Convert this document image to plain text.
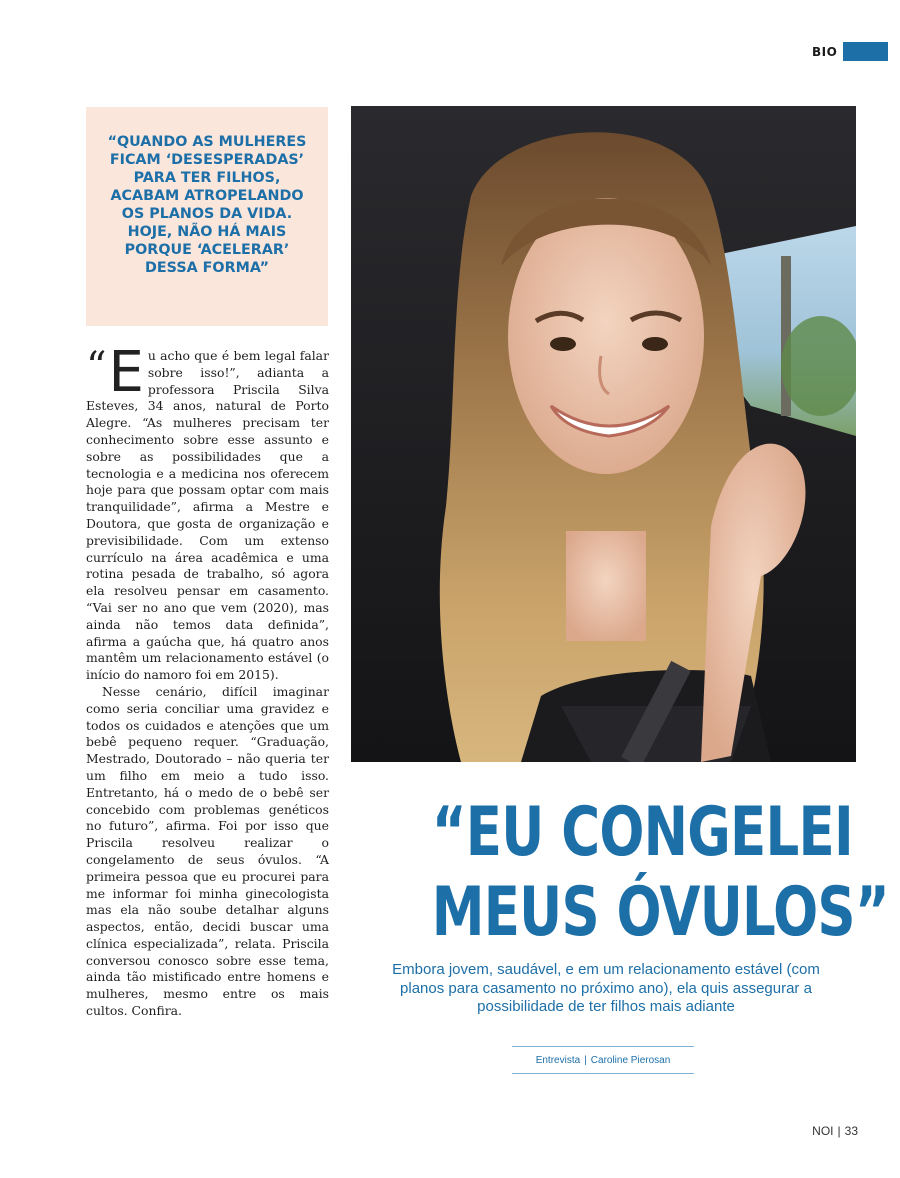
BIO

“QUANDO AS MULHERES FICAM ‘DESESPERADAS’ PARA TER FILHOS, ACABAM ATROPELANDO OS PLANOS DA VIDA. HOJE, NÃO HÁ MAIS PORQUE ‘ACELERAR’ DESSA FORMA”

“ E u acho que é bem legal falar sobre isso!”, adianta a professora Priscila Silva Esteves, 34 anos, natural de Porto Alegre. “As mulheres precisam ter conhecimento sobre esse assunto e sobre as possibilidades que a tecnologia e a medicina nos oferecem hoje para que possam optar com mais tranquilidade”, afirma a Mestre e Doutora, que gosta de organização e previsibilidade. Com um extenso currículo na área acadêmica e uma rotina pesada de trabalho, só agora ela resolveu pensar em casamento. “Vai ser no ano que vem (2020), mas ainda não temos data definida”, afirma a gaúcha que, há quatro anos mantêm um relacionamento estável (o início do namoro foi em 2015).

Nesse cenário, difícil imaginar como seria conciliar uma gravidez e todos os cuidados e atenções que um bebê pequeno requer. “Graduação, Mestrado, Doutorado – não queria ter um filho em meio a tudo isso. Entretanto, há o medo de o bebê ser concebido com problemas genéticos no futuro”, afirma. Foi por isso que Priscila resolveu realizar o congelamento de seus óvulos. “A primeira pessoa que eu procurei para me informar foi minha ginecologista mas ela não soube detalhar alguns aspectos, então, decidi buscar uma clínica especializada”, relata. Priscila conversou conosco sobre esse tema, ainda tão mistificado entre homens e mulheres, mesmo entre os mais cultos. Confira.

“EU CONGELEI
MEUS ÓVULOS”
Embora jovem, saudável, e em um relacionamento estável (com planos para casamento no próximo ano), ela quis assegurar a possibilidade de ter filhos mais adiante
Entrevista | Caroline Pierosan
NOI | 33
